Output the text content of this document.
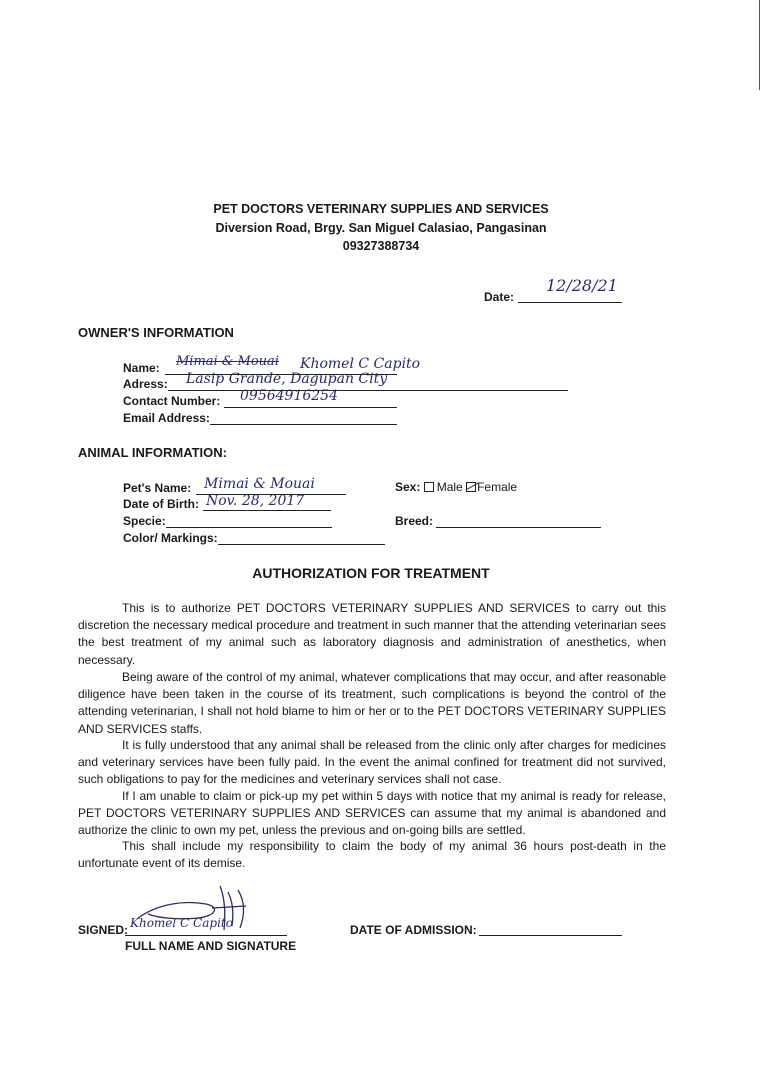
PET DOCTORS VETERINARY SUPPLIES AND SERVICES
Diversion Road, Brgy. San Miguel Calasiao, Pangasinan
09327388734
Date:
12/28/21
OWNER'S INFORMATION
Name: Mimai & Mouai Khomel C Capito
Adress: Lasip Grande, Dagupan City
Contact Number: 09564916254
Email Address:
ANIMAL INFORMATION:
Pet's Name: Mimai & Mouai
Date of Birth: Nov. 28, 2017
Specie:
Color/ Markings:
Sex: Male Female
Breed:
AUTHORIZATION FOR TREATMENT

This is to authorize PET DOCTORS VETERINARY SUPPLIES AND SERVICES to carry out this discretion the necessary medical procedure and treatment in such manner that the attending veterinarian sees the best treatment of my animal such as laboratory diagnosis and administration of anesthetics, when necessary.

Being aware of the control of my animal, whatever complications that may occur, and after reasonable diligence have been taken in the course of its treatment, such complications is beyond the control of the attending veterinarian, I shall not hold blame to him or her or to the PET DOCTORS VETERINARY SUPPLIES AND SERVICES staffs.

It is fully understood that any animal shall be released from the clinic only after charges for medicines and veterinary services have been fully paid. In the event the animal confined for treatment did not survived, such obligations to pay for the medicines and veterinary services shall not case.

If I am unable to claim or pick-up my pet within 5 days with notice that my animal is ready for release, PET DOCTORS VETERINARY SUPPLIES AND SERVICES can assume that my animal is abandoned and authorize the clinic to own my pet, unless the previous and on-going bills are settled.

This shall include my responsibility to claim the body of my animal 36 hours post-death in the unfortunate event of its demise.

SIGNED: Khomel C Capito
FULL NAME AND SIGNATURE
DATE OF ADMISSION:
